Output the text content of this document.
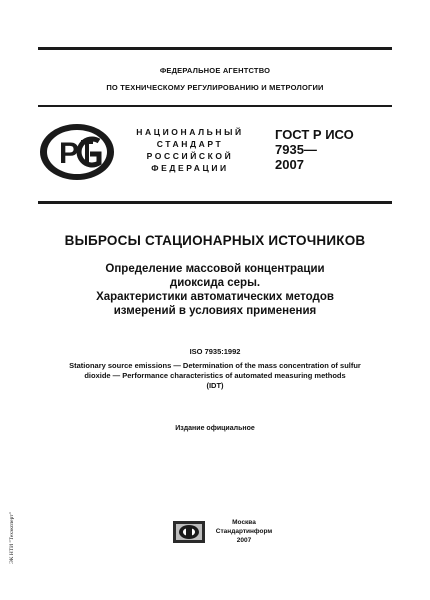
ФЕДЕРАЛЬНОЕ АГЕНТСТВО
ПО ТЕХНИЧЕСКОМУ РЕГУЛИРОВАНИЮ И МЕТРОЛОГИИ
Р
НАЦИОНАЛЬНЫЙ
СТАНДАРТ
РОССИЙСКОЙ
ФЕДЕРАЦИИ
ГОСТ Р ИСО
7935—
2007
ВЫБРОСЫ СТАЦИОНАРНЫХ ИСТОЧНИКОВ
Определение массовой концентрации
диоксида серы.
Характеристики автоматических методов
измерений в условиях применения
ISO 7935:1992
Stationary source emissions — Determination of the mass concentration of sulfur
dioxide — Performance characteristics of automated measuring methods
(IDT)
Издание официальное
Москва
Стандартинформ
2007
ЭК НТИ "Техэксперт"
